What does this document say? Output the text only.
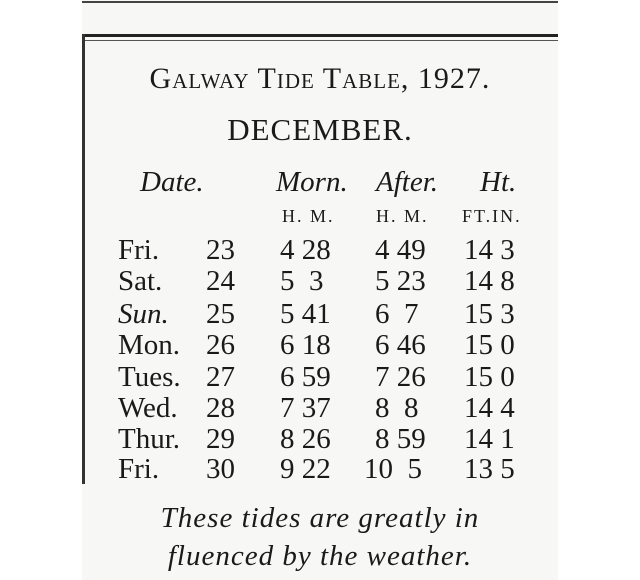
Galway Tide Table, 1927.
DECEMBER.
Date. Morn. After. Ht.
H. M. H. M. FT.IN.
Fri. 23 4 28 4 49 14 3
Sat. 24 5  3 5 23 14 8
Sun. 25 5 41 6  7 15 3
Mon. 26 6 18 6 46 15 0
Tues. 27 6 59 7 26 15 0
Wed. 28 7 37 8  8 14 4
Thur. 29 8 26 8 59 14 1
Fri. 30 9 22 10  5 13 5
These tides are greatly in
fluenced by the weather.
